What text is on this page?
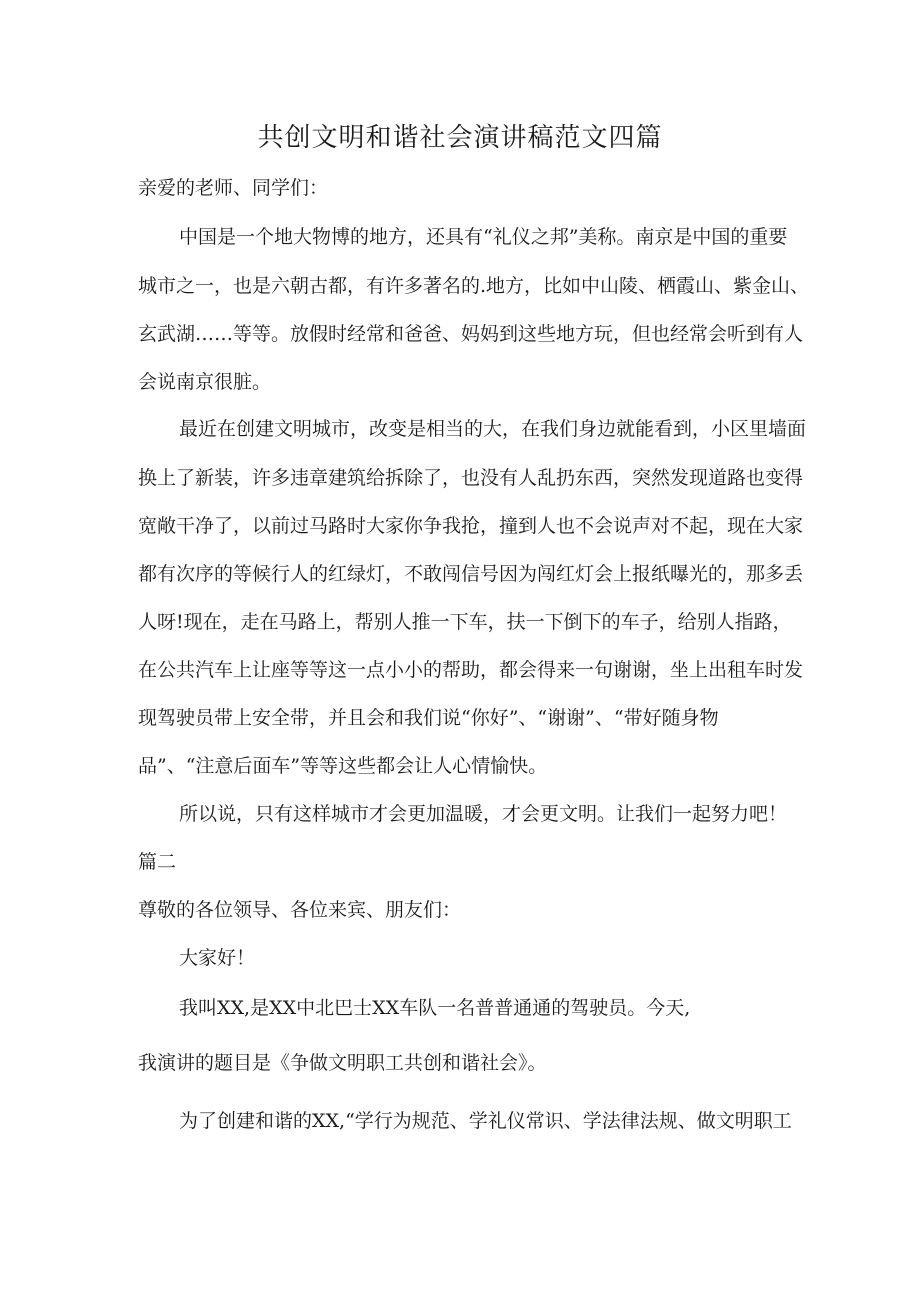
共创文明和谐社会演讲稿范文四篇
亲爱的老师、同学们：
中国是一个地大物博的地方，还具有“礼仪之邦”美称。南京是中国的重要
城市之一，也是六朝古都，有许多著名的.地方，比如中山陵、栖霞山、紫金山、
玄武湖……等等。放假时经常和爸爸、妈妈到这些地方玩，但也经常会听到有人
会说南京很脏。
最近在创建文明城市，改变是相当的大，在我们身边就能看到，小区里墙面
换上了新装，许多违章建筑给拆除了，也没有人乱扔东西，突然发现道路也变得
宽敞干净了，以前过马路时大家你争我抢，撞到人也不会说声对不起，现在大家
都有次序的等候行人的红绿灯，不敢闯信号因为闯红灯会上报纸曝光的，那多丢
人呀!现在，走在马路上，帮别人推一下车，扶一下倒下的车子，给别人指路，
在公共汽车上让座等等这一点小小的帮助，都会得来一句谢谢，坐上出租车时发
现驾驶员带上安全带，并且会和我们说“你好”、“谢谢”、“带好随身物
品”、“注意后面车”等等这些都会让人心情愉快。
所以说，只有这样城市才会更加温暖，才会更文明。让我们一起努力吧！
篇二
尊敬的各位领导、各位来宾、朋友们：
大家好！
我叫XX,是XX中北巴士XX车队一名普普通通的驾驶员。今天,
我演讲的题目是《争做文明职工共创和谐社会》。
为了创建和谐的XX,“学行为规范、学礼仪常识、学法律法规、做文明职工
